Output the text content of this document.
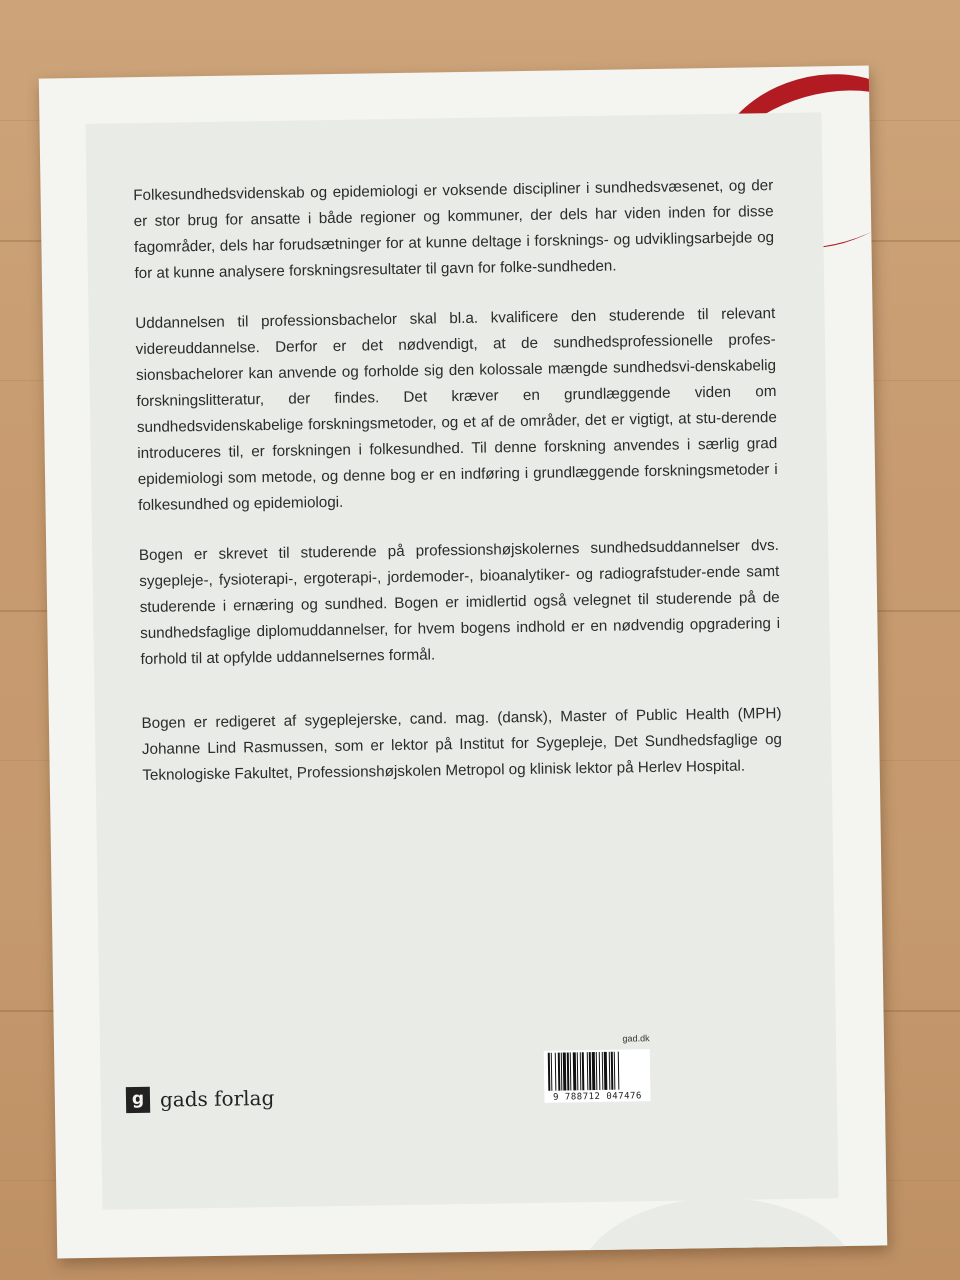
Folkesundhedsvidenskab og epidemiologi er voksende discipliner i sundhedsvæsenet, og der er stor brug for ansatte i både regioner og kommuner, der dels har viden inden for disse fagområder, dels har forudsætninger for at kunne deltage i forsknings- og udviklingsarbejde og for at kunne analysere forskningsresultater til gavn for folke-sundheden.

Uddannelsen til professionsbachelor skal bl.a. kvalificere den studerende til relevant videreuddannelse. Derfor er det nødvendigt, at de sundhedsprofessionelle profes-sionsbachelorer kan anvende og forholde sig den kolossale mængde sundhedsvi-denskabelig forskningslitteratur, der findes. Det kræver en grundlæggende viden om sundhedsvidenskabelige forskningsmetoder, og et af de områder, det er vigtigt, at stu-derende introduceres til, er forskningen i folkesundhed. Til denne forskning anvendes i særlig grad epidemiologi som metode, og denne bog er en indføring i grundlæggende forskningsmetoder i folkesundhed og epidemiologi.

Bogen er skrevet til studerende på professionshøjskolernes sundhedsuddannelser dvs. sygepleje-, fysioterapi-, ergoterapi-, jordemoder-, bioanalytiker- og radiografstuder-ende samt studerende i ernæring og sundhed. Bogen er imidlertid også velegnet til studerende på de sundhedsfaglige diplomuddannelser, for hvem bogens indhold er en nødvendig opgradering i forhold til at opfylde uddannelsernes formål.

Bogen er redigeret af sygeplejerske, cand. mag. (dansk), Master of Public Health (MPH) Johanne Lind Rasmussen, som er lektor på Institut for Sygepleje, Det Sundhedsfaglige og Teknologiske Fakultet, Professionshøjskolen Metropol og klinisk lektor på Herlev Hospital.

g gads forlag
gad.dk
9 788712 047476
